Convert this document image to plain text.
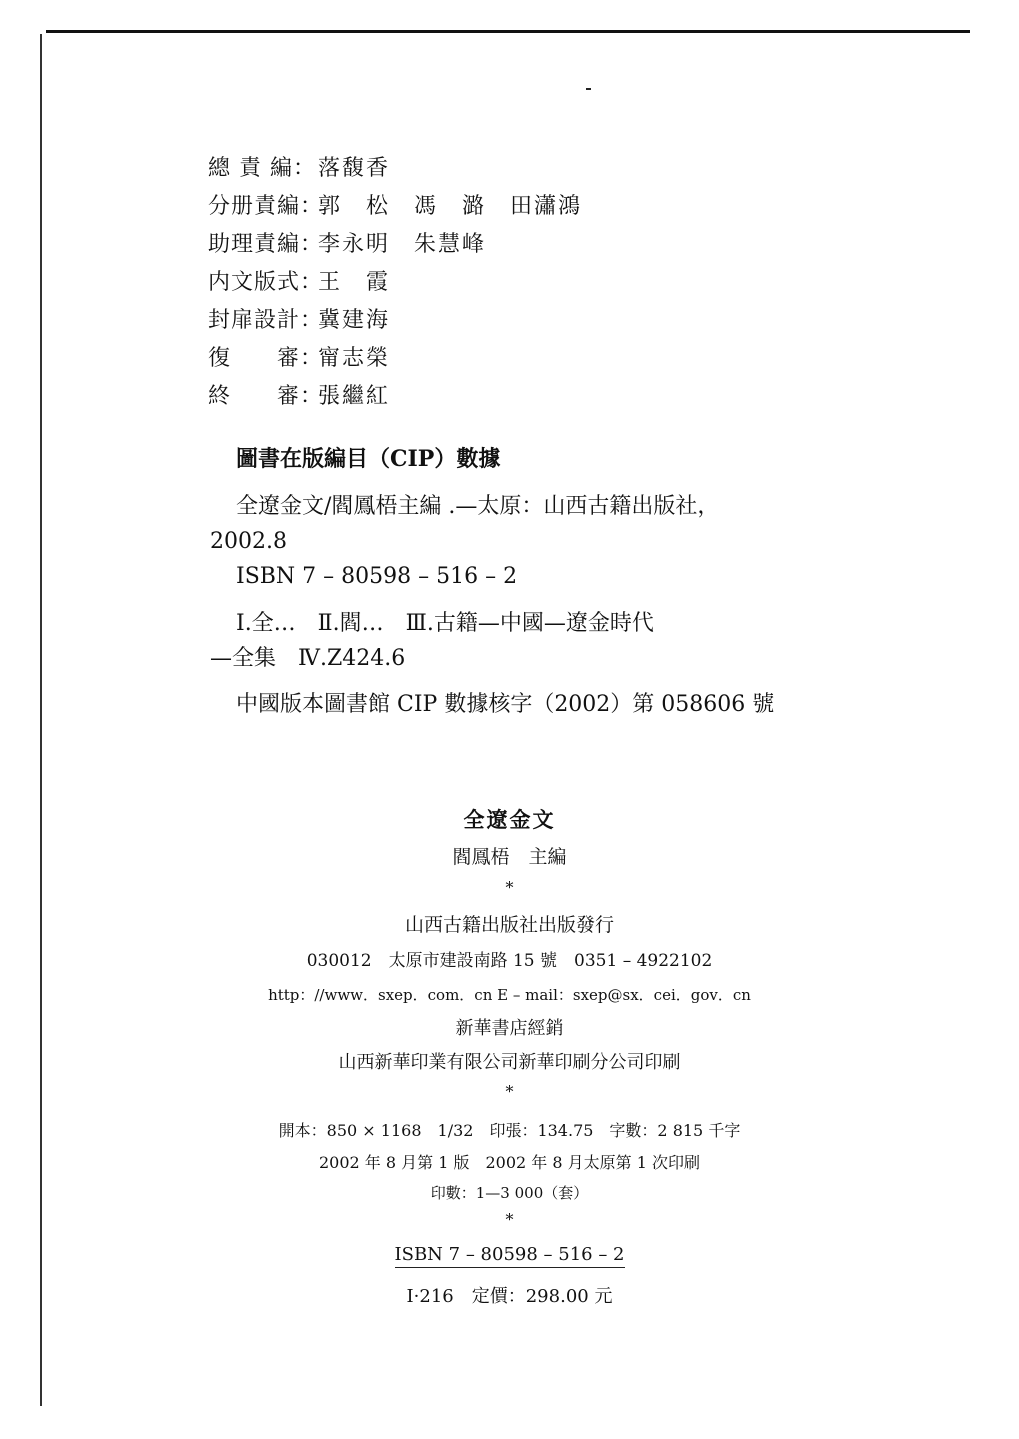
總 責 編： 落馥香
分册責編：
郭　松　馮　潞　田瀟鴻
助理責編：
李永明　朱慧峰
内文版式：
王　霞
封扉設計：
冀建海
復　　審：
甯志榮
終　　審：
張繼紅
圖書在版編目（CIP）數據
全遼金文/閻鳳梧主編 .—太原：山西古籍出版社，
2002.8
ISBN 7 – 80598 – 516 – 2
Ⅰ.全…　Ⅱ.閻…　Ⅲ.古籍—中國—遼金時代
—全集　Ⅳ.Z424.6
中國版本圖書館 CIP 數據核字（2002）第 058606 號
全遼金文
閻鳳梧　主編
*
山西古籍出版社出版發行
030012　太原市建設南路 15 號　0351 – 4922102
http：//www．sxep．com．cn E – mail：sxep@sx．cei．gov．cn
新華書店經銷
山西新華印業有限公司新華印刷分公司印刷
*
開本：850 × 1168　1/32　印張：134.75　字數：2 815 千字
2002 年 8 月第 1 版　2002 年 8 月太原第 1 次印刷
印數：1—3 000（套）
*
ISBN 7 – 80598 – 516 – 2
I·216　定價：298.00 元
